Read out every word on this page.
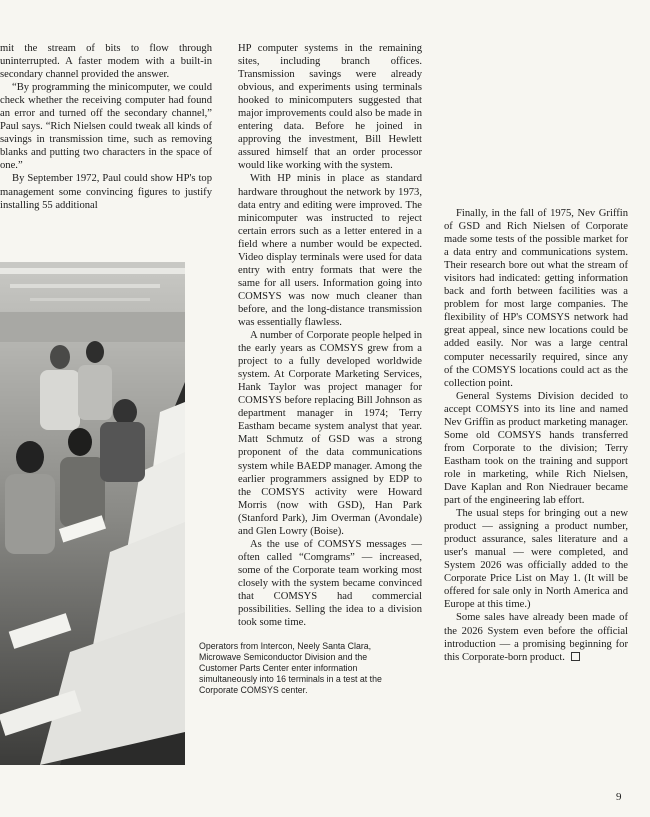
mit the stream of bits to flow through uninterrupted. A faster modem with a built-in secondary channel provided the answer.

“By programming the minicomputer, we could check whether the receiving computer had found an error and turned off the secondary channel,” Paul says. “Rich Nielsen could tweak all kinds of savings in transmission time, such as removing blanks and putting two characters in the space of one.”

By September 1972, Paul could show HP's top management some convincing figures to justify installing 55 additional

HP computer systems in the remaining sites, including branch offices. Transmission savings were already obvious, and experiments using terminals hooked to minicomputers suggested that major improvements could also be made in entering data. Before he joined in approving the investment, Bill Hewlett assured himself that an order processor would like working with the system.

With HP minis in place as standard hardware throughout the network by 1973, data entry and editing were improved. The minicomputer was instructed to reject certain errors such as a letter entered in a field where a number would be expected. Video display terminals were used for data entry with entry formats that were the same for all users. Information going into COMSYS was now much cleaner than before, and the long-distance transmission was essentially flawless.

A number of Corporate people helped in the early years as COMSYS grew from a project to a fully developed worldwide system. At Corporate Marketing Services, Hank Taylor was project manager for COMSYS before replacing Bill Johnson as department manager in 1974; Terry Eastham became system analyst that year. Matt Schmutz of GSD was a strong proponent of the data communications system while BAEDP manager. Among the earlier programmers assigned by EDP to the COMSYS activity were Howard Morris (now with GSD), Han Park (Stanford Park), Jim Overman (Avondale) and Glen Lowry (Boise).

As the use of COMSYS messages — often called “Comgrams” — increased, some of the Corporate team working most closely with the system became convinced that COMSYS had commercial possibilities. Selling the idea to a division took some time.

Operators from Intercon, Neely Santa Clara, Microwave Semiconductor Division and the Customer Parts Center enter information simultaneously into 16 terminals in a test at the Corporate COMSYS center.

Finally, in the fall of 1975, Nev Griffin of GSD and Rich Nielsen of Corporate made some tests of the possible market for a data entry and communications system. Their research bore out what the stream of visitors had indicated: getting information back and forth between facilities was a problem for most large companies. The flexibility of HP's COMSYS network had great appeal, since new locations could be added easily. Nor was a large central computer necessarily required, since any of the COMSYS locations could act as the collection point.

General Systems Division decided to accept COMSYS into its line and named Nev Griffin as product marketing manager. Some old COMSYS hands transferred from Corporate to the division; Terry Eastham took on the training and support role in marketing, while Rich Nielsen, Dave Kaplan and Ron Niedrauer became part of the engineering lab effort.

The usual steps for bringing out a new product — assigning a product number, product assurance, sales literature and a user's manual — were completed, and System 2026 was officially added to the Corporate Price List on May 1. (It will be offered for sale only in North America and Europe at this time.)

Some sales have already been made of the 2026 System even before the official introduction — a promising beginning for this Corporate-born product.

9
